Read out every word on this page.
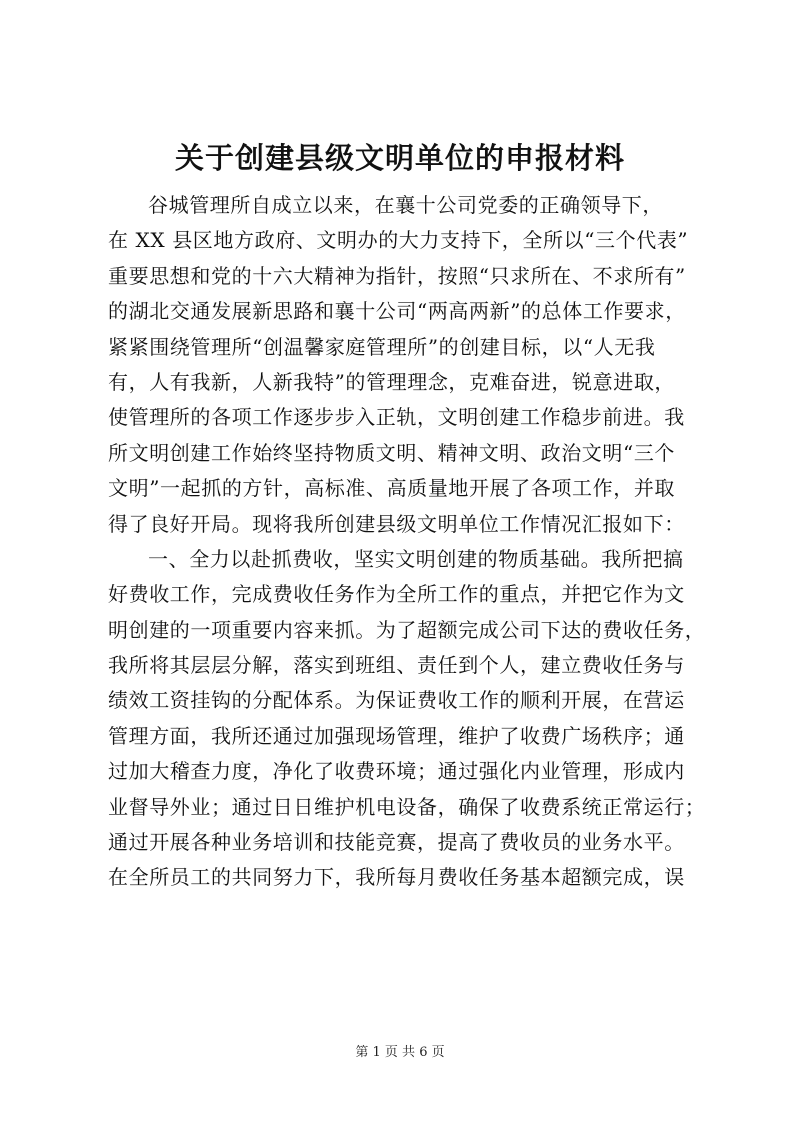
关于创建县级文明单位的申报材料
谷城管理所自成立以来，在襄十公司党委的正确领导下，
在 XX 县区地方政府、文明办的大力支持下，全所以“三个代表”
重要思想和党的十六大精神为指针，按照“只求所在、不求所有”
的湖北交通发展新思路和襄十公司“两高两新”的总体工作要求，
紧紧围绕管理所“创温馨家庭管理所”的创建目标，以“人无我
有，人有我新，人新我特”的管理理念，克难奋进，锐意进取，
使管理所的各项工作逐步步入正轨，文明创建工作稳步前进。我
所文明创建工作始终坚持物质文明、精神文明、政治文明“三个
文明”一起抓的方针，高标准、高质量地开展了各项工作，并取
得了良好开局。现将我所创建县级文明单位工作情况汇报如下：
一、全力以赴抓费收，坚实文明创建的物质基础。我所把搞
好费收工作，完成费收任务作为全所工作的重点，并把它作为文
明创建的一项重要内容来抓。为了超额完成公司下达的费收任务，
我所将其层层分解，落实到班组、责任到个人，建立费收任务与
绩效工资挂钩的分配体系。为保证费收工作的顺利开展，在营运
管理方面，我所还通过加强现场管理，维护了收费广场秩序；通
过加大稽查力度，净化了收费环境；通过强化内业管理，形成内
业督导外业；通过日日维护机电设备，确保了收费系统正常运行；
通过开展各种业务培训和技能竞赛，提高了费收员的业务水平。
在全所员工的共同努力下，我所每月费收任务基本超额完成，误
第 1 页 共 6 页
